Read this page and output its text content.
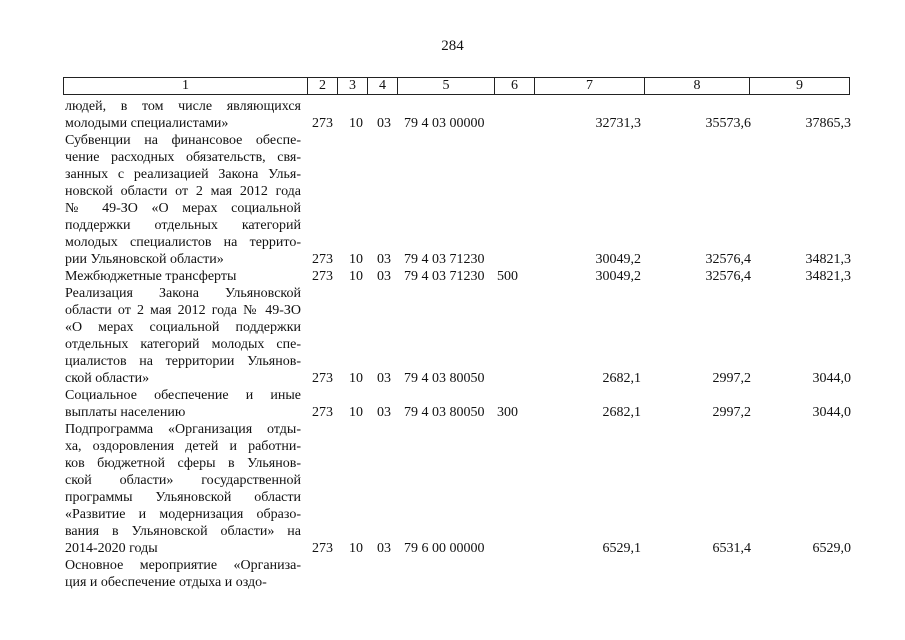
284
1	2	3	4	5	6	7	8	9
людей, в том числе являющихся
молодыми специалистами»	273 10 03 79 4 03 00000	32731,3	35573,6	37865,3
Субвенции на финансовое обеспе-
чение расходных обязательств, свя-
занных с реализацией Закона Улья-
новской области от 2 мая 2012 года
№ 49-ЗО «О мерах социальной
поддержки отдельных категорий
молодых специалистов на террито-
рии Ульяновской области»	273 10 03 79 4 03 71230	30049,2	32576,4	34821,3
Межбюджетные трансферты	273 10 03 79 4 03 71230 500	30049,2	32576,4	34821,3
Реализация Закона Ульяновской
области от 2 мая 2012 года № 49-ЗО
«О мерах социальной поддержки
отдельных категорий молодых спе-
циалистов на территории Ульянов-
ской области»	273 10 03 79 4 03 80050	2682,1	2997,2	3044,0
Социальное обеспечение и иные
выплаты населению	273 10 03 79 4 03 80050 300	2682,1	2997,2	3044,0
Подпрограмма «Организация отды-
ха, оздоровления детей и работни-
ков бюджетной сферы в Ульянов-
ской области» государственной
программы Ульяновской области
«Развитие и модернизация образо-
вания в Ульяновской области» на
2014-2020 годы	273 10 03 79 6 00 00000	6529,1	6531,4	6529,0
Основное мероприятие «Организа-
ция и обеспечение отдыха и оздо-
